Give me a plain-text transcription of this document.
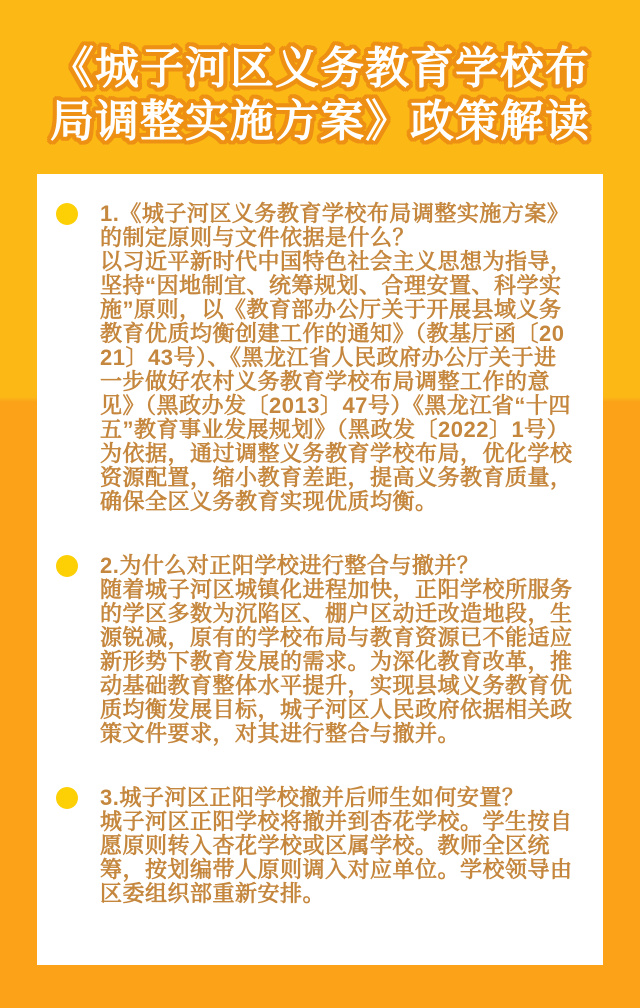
《城子河区义务教育学校布
局调整实施方案》政策解读
1.《城子河区义务教育学校布局调整实施方案》的制定原则与文件依据是什么？
以习近平新时代中国特色社会主义思想为指导，坚持“因地制宜、统筹规划、合理安置、科学实施”原则，以《教育部办公厅关于开展县域义务教育优质均衡创建工作的通知》（教基厅函〔2021〕43号）、《黑龙江省人民政府办公厅关于进一步做好农村义务教育学校布局调整工作的意见》（黑政办发〔2013〕47号）《黑龙江省“十四五”教育事业发展规划》（黑政发〔2022〕1号）为依据，通过调整义务教育学校布局，优化学校资源配置，缩小教育差距，提高义务教育质量，确保全区义务教育实现优质均衡。
2.为什么对正阳学校进行整合与撤并？
随着城子河区城镇化进程加快，正阳学校所服务的学区多数为沉陷区、棚户区动迁改造地段，生源锐减，原有的学校布局与教育资源已不能适应新形势下教育发展的需求。为深化教育改革，推动基础教育整体水平提升，实现县域义务教育优质均衡发展目标，城子河区人民政府依据相关政策文件要求，对其进行整合与撤并。
3.城子河区正阳学校撤并后师生如何安置？
城子河区正阳学校将撤并到杏花学校。学生按自愿原则转入杏花学校或区属学校。教师全区统筹，按划编带人原则调入对应单位。学校领导由区委组织部重新安排。
